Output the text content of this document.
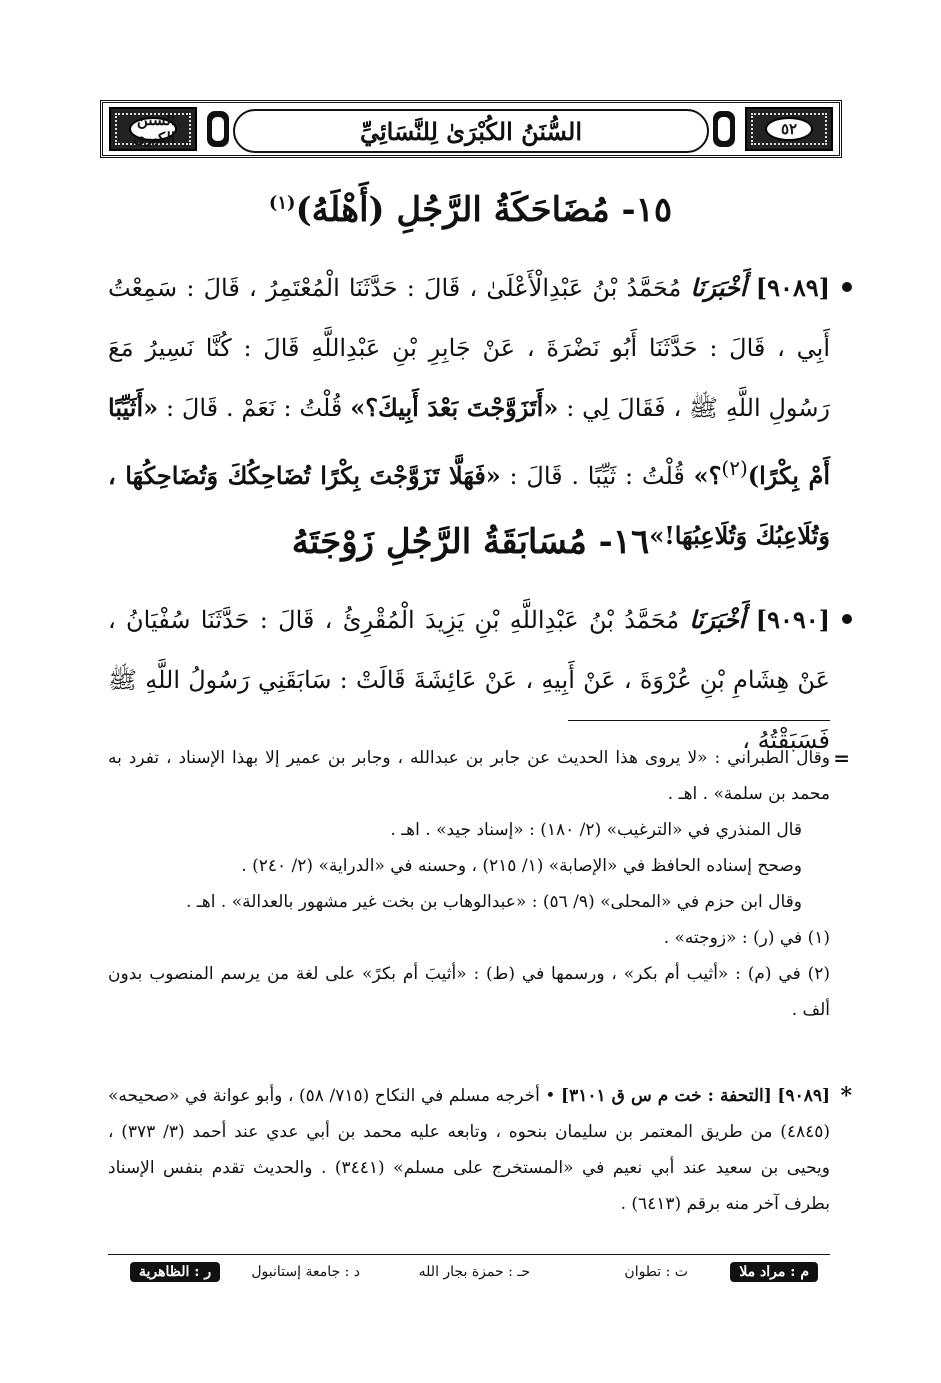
السنن الكبرى	السُّنَنُ الكُبْرَىٰ لِلنَّسَائِيِّ	٥٢
١٥- مُضَاحَكَةُ الرَّجُلِ (أَهْلَهُ)$^{(١)}$
[٩٠٨٩] أَخْبَرَنَا مُحَمَّدُ بْنُ عَبْدِالْأَعْلَىٰ ، قَالَ : حَدَّثَنَا الْمُعْتَمِرُ ، قَالَ : سَمِعْتُ أَبِي ، قَالَ : حَدَّثَنَا أَبُو نَضْرَةَ ، عَنْ جَابِرِ بْنِ عَبْدِاللَّهِ قَالَ : كُنَّا نَسِيرُ مَعَ رَسُولِ اللَّهِ ﷺ ، فَقَالَ لِي : «أَتَزَوَّجْتَ بَعْدَ أَبِيكَ؟» قُلْتُ : نَعَمْ . قَالَ : «أَثَيِّبًا أَمْ بِكْرًا)$^{(٢)}$؟» قُلْتُ : ثَيِّبًا . قَالَ : «فَهَلَّا تَزَوَّجْتَ بِكْرًا تُضَاحِكُكَ وَتُضَاحِكُهَا ، وَتُلَاعِبُكَ وَتُلَاعِبُهَا!»
١٦- مُسَابَقَةُ الرَّجُلِ زَوْجَتَهُ
[٩٠٩٠] أَخْبَرَنَا مُحَمَّدُ بْنُ عَبْدِاللَّهِ بْنِ يَزِيدَ الْمُقْرِئُ ، قَالَ : حَدَّثَنَا سُفْيَانُ ، عَنْ هِشَامِ بْنِ عُرْوَةَ ، عَنْ أَبِيهِ ، عَنْ عَائِشَةَ قَالَتْ : سَابَقَنِي رَسُولُ اللَّهِ ﷺ فَسَبَقْتُهُ ،
=
وقال الطبراني : «لا يروى هذا الحديث عن جابر بن عبدالله ، وجابر بن عمير إلا بهذا الإسناد ، تفرد به محمد بن سلمة» . اهـ .
قال المنذري في «الترغيب» (٢/ ١٨٠) : «إسناد جيد» . اهـ .
وصحح إسناده الحافظ في «الإصابة» (١/ ٢١٥) ، وحسنه في «الدراية» (٢/ ٢٤٠) .
وقال ابن حزم في «المحلى» (٩/ ٥٦) : «عبدالوهاب بن بخت غير مشهور بالعدالة» . اهـ .
(١) في (ر) : «زوجته» .
(٢) في (م) : «أثيب أم بكر» ، ورسمها في (ط) : «أثيبَ أم بكرً» على لغة من يرسم المنصوب بدون ألف .
*
[٩٠٨٩] [التحفة : خت م س ق ٣١٠١] • أخرجه مسلم في النكاح (٧١٥/ ٥٨) ، وأبو عوانة في «صحيحه» (٤٨٤٥) من طريق المعتمر بن سليمان بنحوه ، وتابعه عليه محمد بن أبي عدي عند أحمد (٣/ ٣٧٣) ، ويحيى بن سعيد عند أبي نعيم في «المستخرج على مسلم» (٣٤٤١) . والحديث تقدم بنفس الإسناد بطرف آخر منه برقم (٦٤١٣) .
م : مراد ملا
ت : تطوان
حـ : حمزة بجار الله
د : جامعة إستانبول
ر : الظاهرية
